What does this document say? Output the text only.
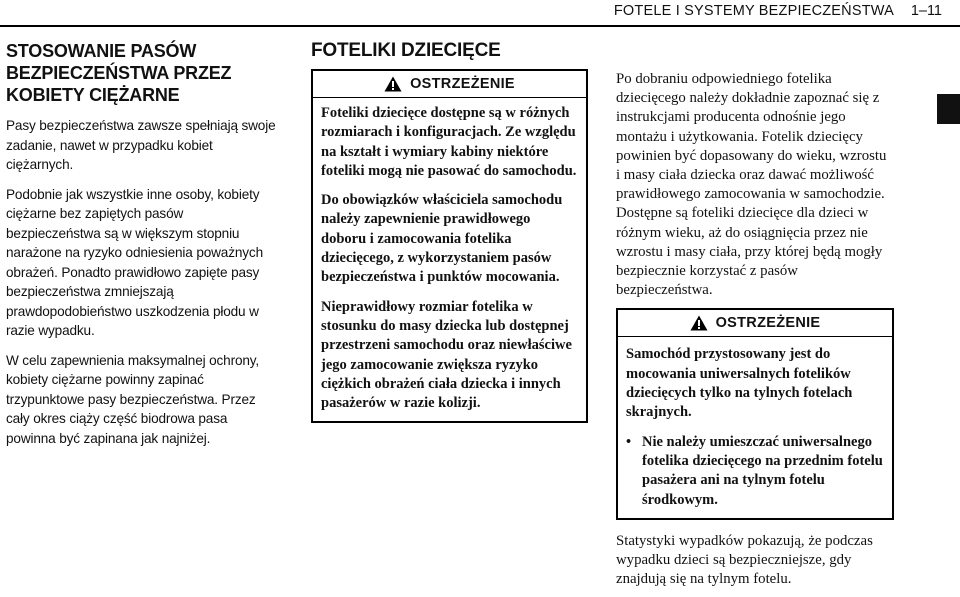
FOTELE I SYSTEMY BEZPIECZEŃSTWA 1–11
STOSOWANIE PASÓW BEZPIECZEŃSTWA PRZEZ KOBIETY CIĘŻARNE

Pasy bezpieczeństwa zawsze spełniają swoje zadanie, nawet w przypadku kobiet ciężarnych.

Podobnie jak wszystkie inne osoby, kobiety ciężarne bez zapiętych pasów bezpieczeństwa są w większym stopniu narażone na ryzyko odniesienia poważnych obrażeń. Ponadto prawidłowo zapięte pasy bezpieczeństwa zmniejszają prawdopodobieństwo uszkodzenia płodu w razie wypadku.

W celu zapewnienia maksymalnej ochrony, kobiety ciężarne powinny zapinać trzypunktowe pasy bezpieczeństwa. Przez cały okres ciąży część biodrowa pasa powinna być zapinana jak najniżej.

FOTELIKI DZIECIĘCE
OSTRZEŻENIE

Foteliki dziecięce dostępne są w różnych rozmiarach i konfiguracjach. Ze względu na kształt i wymiary kabiny niektóre foteliki mogą nie pasować do samochodu.

Do obowiązków właściciela samochodu należy zapewnienie prawidłowego doboru i zamocowania fotelika dziecięcego, z wykorzystaniem pasów bezpieczeństwa i punktów mocowania.

Nieprawidłowy rozmiar fotelika w stosunku do masy dziecka lub dostępnej przestrzeni samochodu oraz niewłaściwe jego zamocowanie zwiększa ryzyko ciężkich obrażeń ciała dziecka i innych pasażerów w razie kolizji.

Po dobraniu odpowiedniego fotelika dziecięcego należy dokładnie zapoznać się z instrukcjami producenta odnośnie jego montażu i użytkowania. Fotelik dziecięcy powinien być dopasowany do wieku, wzrostu i masy ciała dziecka oraz dawać możliwość prawidłowego zamocowania w samochodzie. Dostępne są foteliki dziecięce dla dzieci w różnym wieku, aż do osiągnięcia przez nie wzrostu i masy ciała, przy której będą mogły bezpiecznie korzystać z pasów bezpieczeństwa.

OSTRZEŻENIE

Samochód przystosowany jest do mocowania uniwersalnych fotelików dziecięcych tylko na tylnych fotelach skrajnych.

• Nie należy umieszczać uniwersalnego fotelika dziecięcego na przednim fotelu pasażera ani na tylnym fotelu środkowym.

Statystyki wypadków pokazują, że podczas wypadku dzieci są bezpieczniejsze, gdy znajdują się na tylnym fotelu.
